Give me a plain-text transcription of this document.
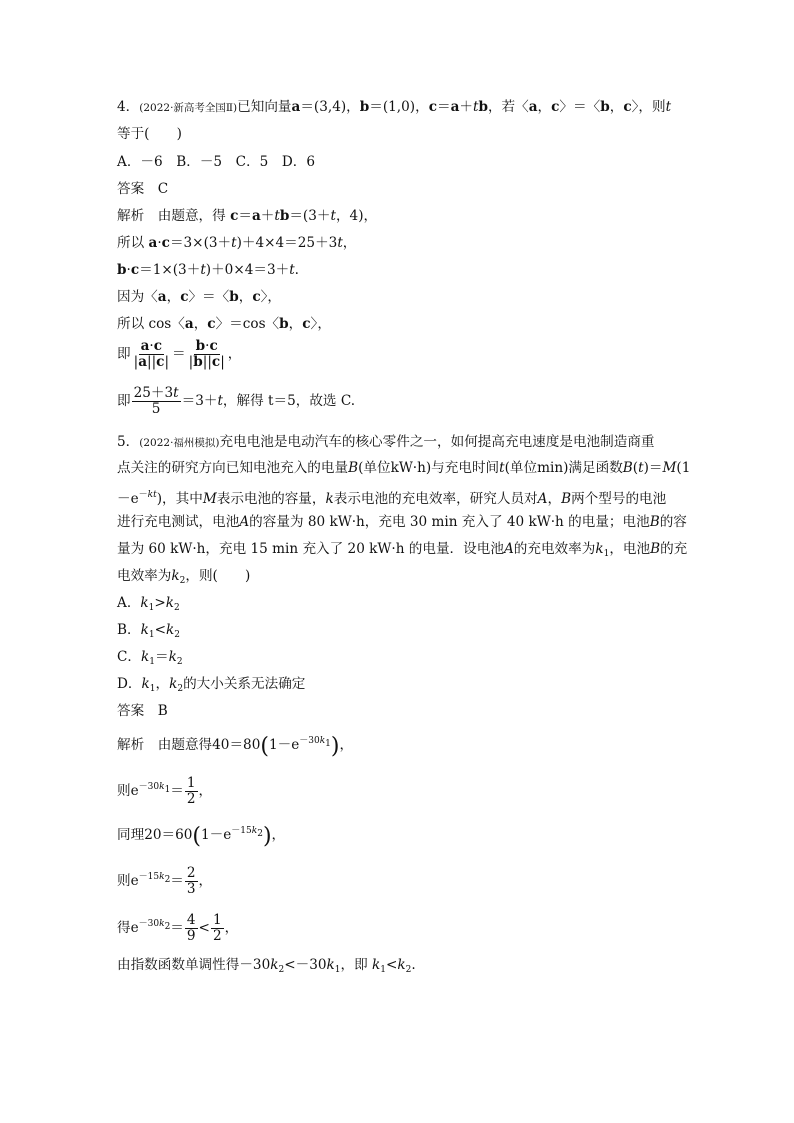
4．(2022·新高考全国Ⅱ)已知向量a＝(3,4)，b＝(1,0)，c＝a＋tb，若〈a，c〉＝〈b，c〉，则t
等于(　　)
A．－6　B．－5　C．5　D．6
答案　 C
解析　 由题意，得 c＝a＋tb＝(3＋t，4)，
所以 a·c＝3×(3＋t)＋4×4＝25＋3t，
b·c＝1×(3＋t)＋0×4＝3＋t.
因为〈a，c〉＝〈b，c〉，
所以 cos〈a，c〉＝cos〈b，c〉，
即 $\frac{a\cdot c}{|a||c|} = \frac{b\cdot c}{|b||c|}$ ，
即 $\frac{25+3t}{5} =3+t$，解得 t＝5，故选 C.
5．(2022·福州模拟)充电电池是电动汽车的核心零件之一，如何提高充电速度是电池制造商重
点关注的研究方向已知电池充入的电量B(单位kW·h)与充电时间t(单位min)满足函数B(t)＝M(1
$-e^{-kt}$)，其中M表示电池的容量，k表示电池的充电效率，研究人员对A，B两个型号的电池
进行充电测试，电池A的容量为 80 kW·h，充电 30 min 充入了 40 kW·h 的电量；电池B的容
量为 60 kW·h，充电 15 min 充入了 20 kW·h 的电量．设电池A的充电效率为$k_1$，电池B的充
电效率为$k_2$，则(　　)
A．$k_1>k_2$
B．$k_1<k_2$
C．$k_1=k_2$
D．$k_1$，$k_2$的大小关系无法确定
答案　 B
解析　 由题意得$40=80(1-e^{-30k1})$，
则$e^{-30k1}= \frac{1}{2}$ ，
同理$20=60(1-e^{-15k2})$，
则$e^{-15k2}= \frac{2}{3}$ ，
得$e^{-30k2}= \frac{4}{9} < \frac{1}{2}$ ，
由指数函数单调性得$-30k_2<-30k_1$，即 $k_1<k_2$.
